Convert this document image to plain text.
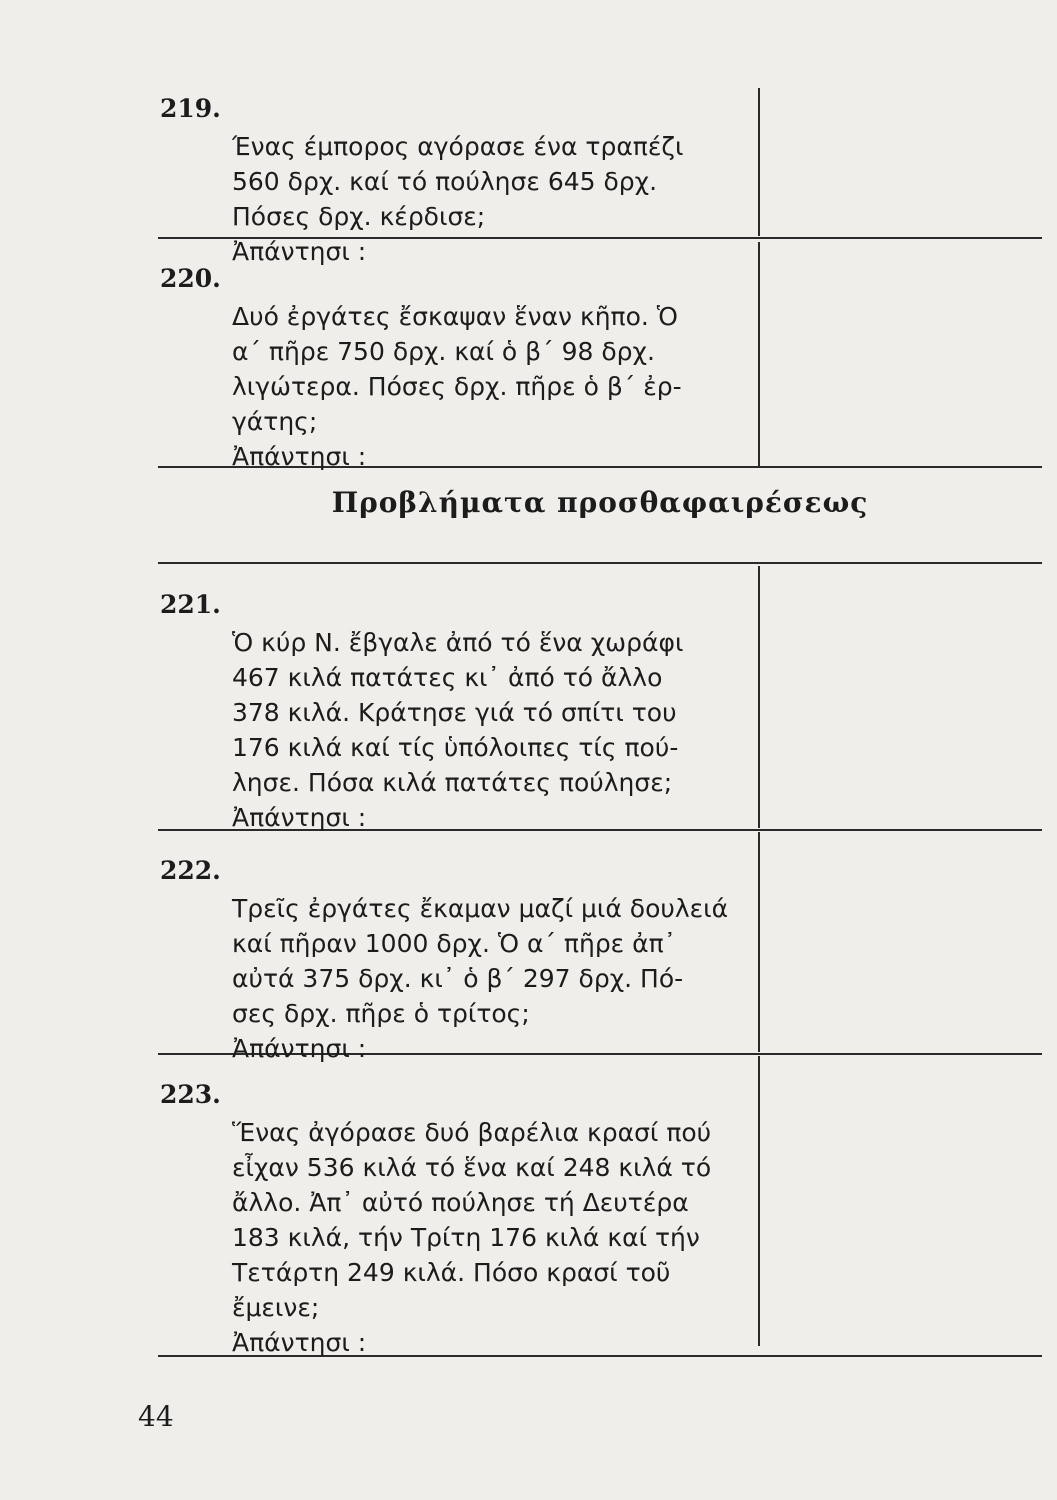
219.

Ένας έμπορος αγόρασε ένα τραπέζι
560 δρχ. καί τό πούλησε 645 δρχ.
Πόσες δρχ. κέρδισε;

Ἀπάντησι :

220.

Δυό ἐργάτες ἔσκαψαν ἕναν κῆπο. Ὁ
α΄ πῆρε 750 δρχ. καί ὁ β΄ 98 δρχ.
λιγώτερα. Πόσες δρχ. πῆρε ὁ β΄ ἐρ-
γάτης;

Ἀπάντησι :

Προβλήματα προσθαφαιρέσεως
221.

Ὁ κύρ Ν. ἔβγαλε ἀπό τό ἕνα χωράφι
467 κιλά πατάτες κι᾽ ἀπό τό ἄλλο
378 κιλά. Κράτησε γιά τό σπίτι του
176 κιλά καί τίς ὑπόλοιπες τίς πού-
λησε. Πόσα κιλά πατάτες πούλησε;

Ἀπάντησι :

222.

Τρεῖς ἐργάτες ἔκαμαν μαζί μιά δουλειά
καί πῆραν 1000 δρχ. Ὁ α΄ πῆρε ἀπ᾽
αὐτά 375 δρχ. κι᾽ ὁ β΄ 297 δρχ. Πό-
σες δρχ. πῆρε ὁ τρίτος;

Ἀπάντησι :

223.

Ἕνας ἀγόρασε δυό βαρέλια κρασί πού
εἶχαν 536 κιλά τό ἕνα καί 248 κιλά τό
ἄλλο. Ἀπ᾽ αὐτό πούλησε τή Δευτέρα
183 κιλά, τήν Τρίτη 176 κιλά καί τήν
Τετάρτη 249 κιλά. Πόσο κρασί τοῦ
ἔμεινε;

Ἀπάντησι :

44
